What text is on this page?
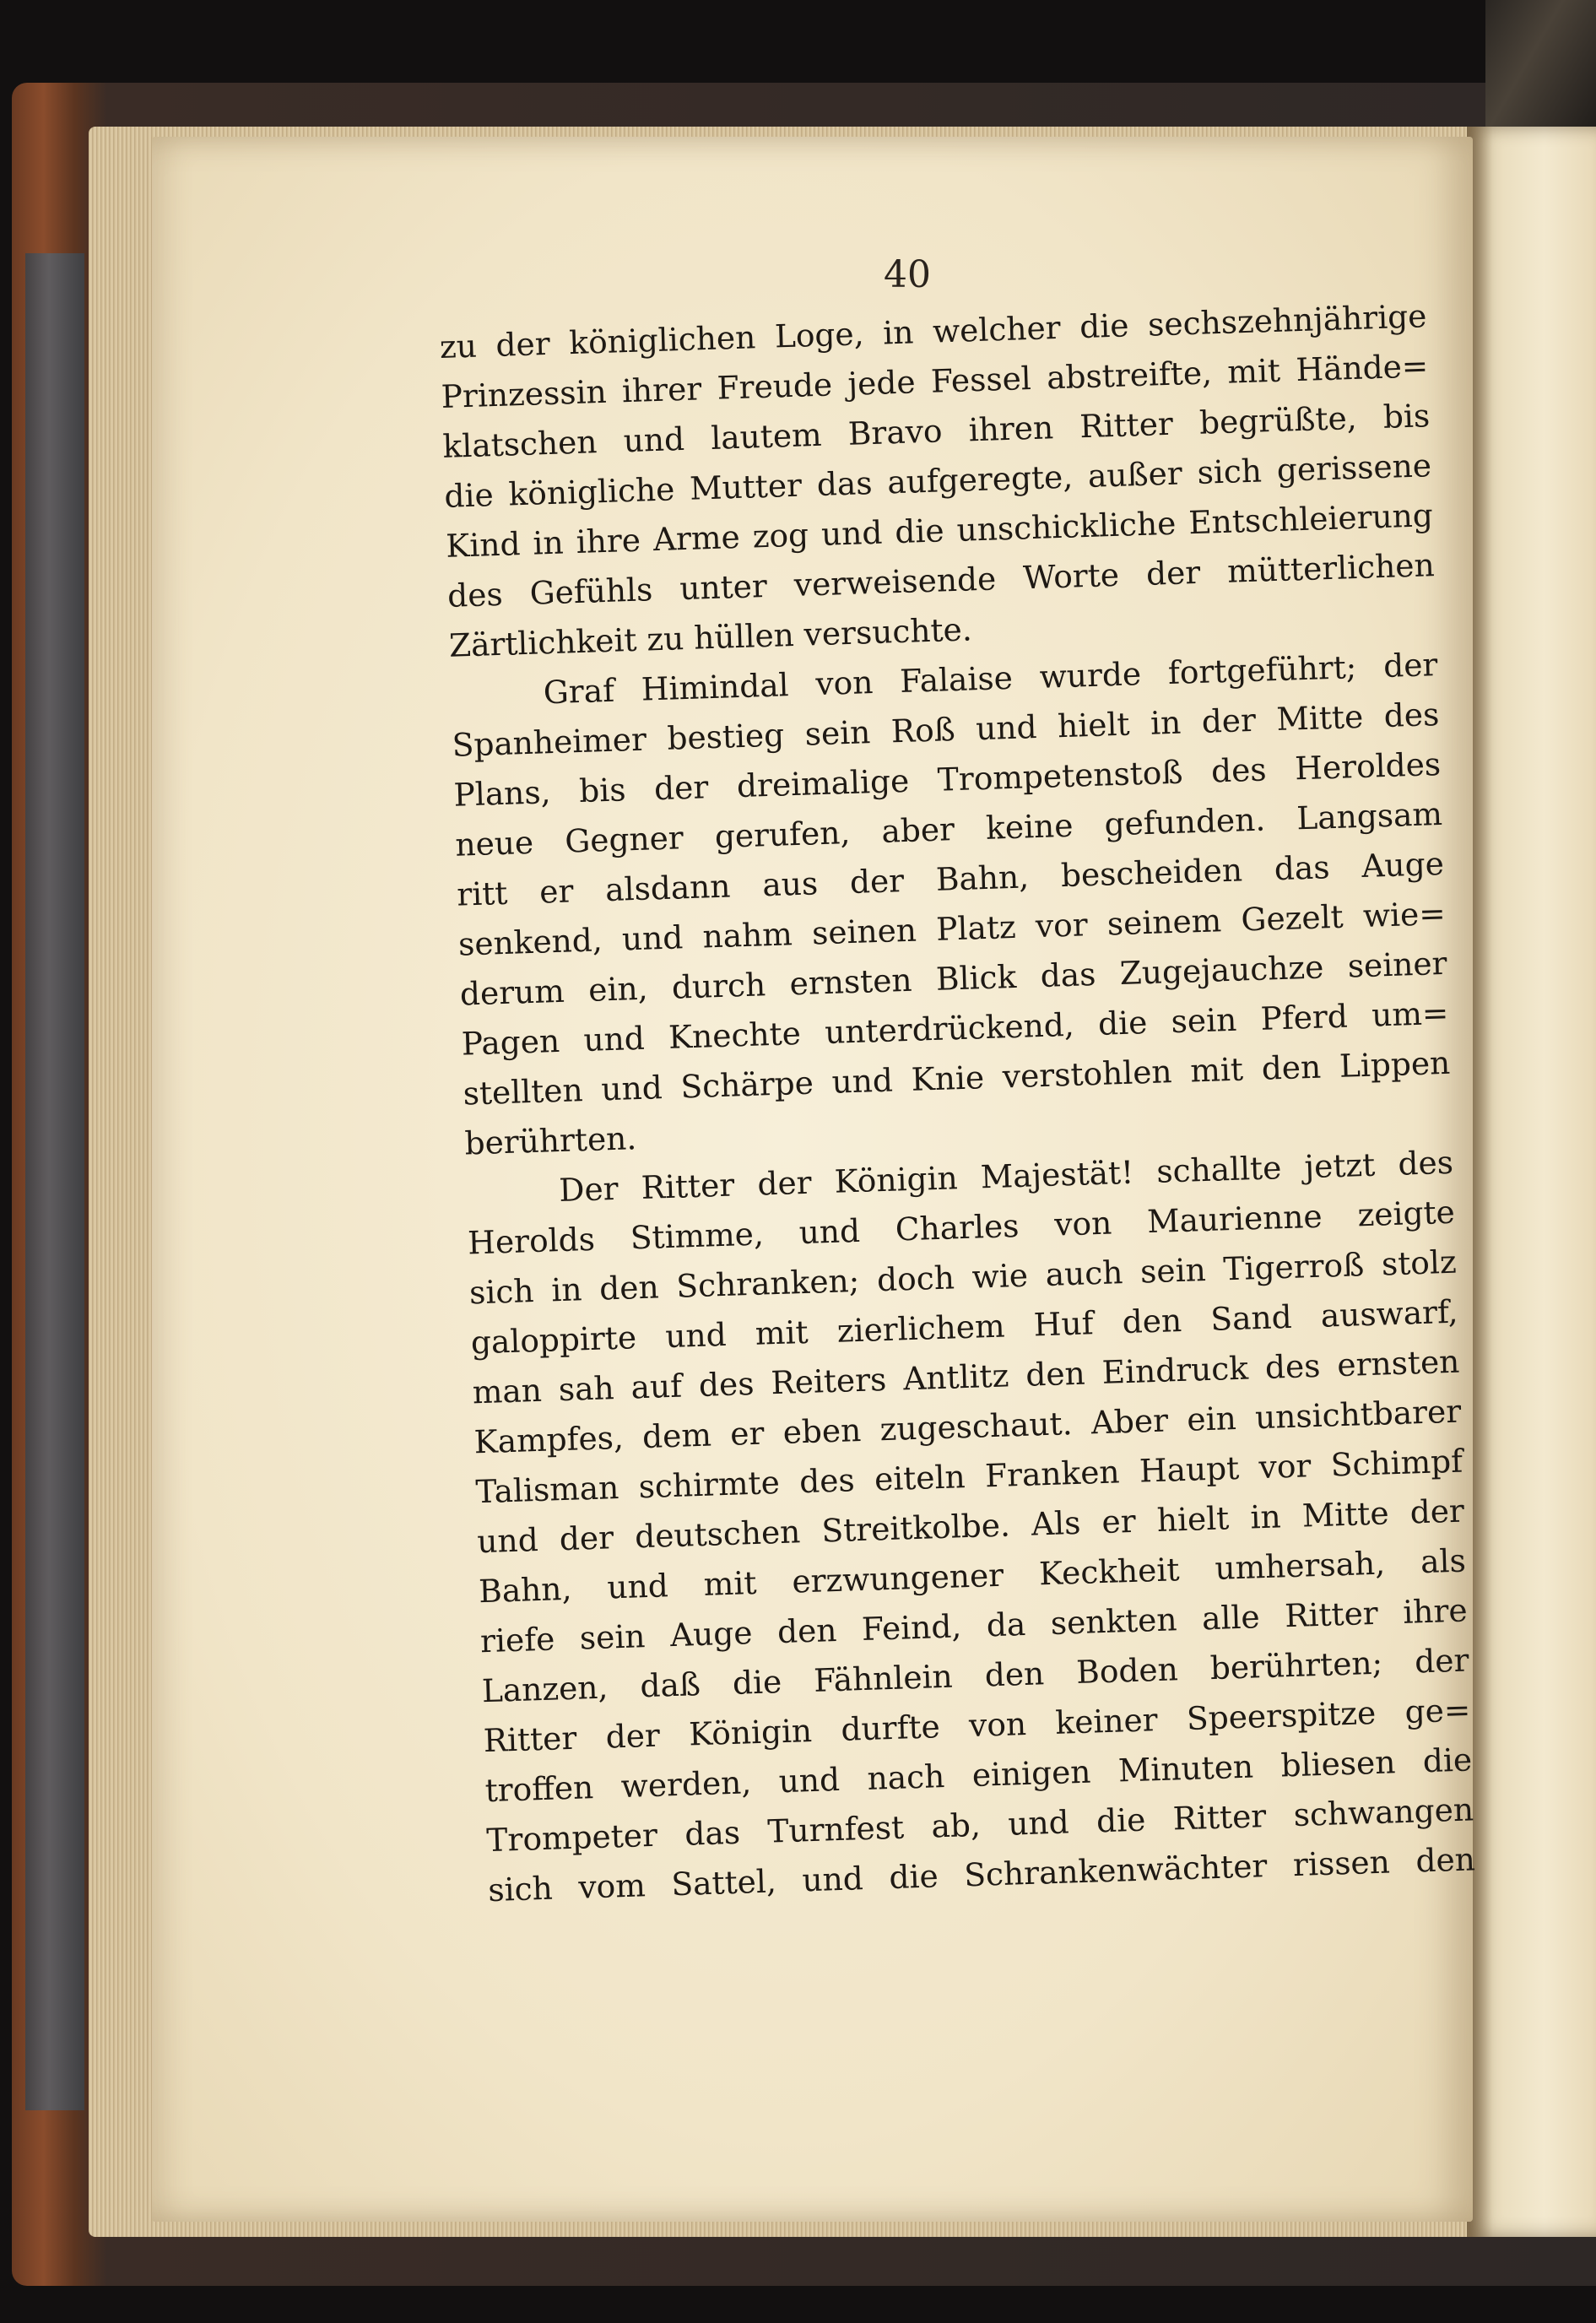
40
zu der königlichen Loge, in welcher die sechszehnjährige
Prinzessin ihrer Freude jede Fessel abstreifte, mit Hände=
klatschen und lautem Bravo ihren Ritter begrüßte, bis
die königliche Mutter das aufgeregte, außer sich gerissene
Kind in ihre Arme zog und die unschickliche Entschleierung
des Gefühls unter verweisende Worte der mütterlichen
Zärtlichkeit zu hüllen versuchte.
Graf Himindal von Falaise wurde fortgeführt; der
Spanheimer bestieg sein Roß und hielt in der Mitte des
Plans, bis der dreimalige Trompetenstoß des Heroldes
neue Gegner gerufen, aber keine gefunden. Langsam
ritt er alsdann aus der Bahn, bescheiden das Auge
senkend, und nahm seinen Platz vor seinem Gezelt wie=
derum ein, durch ernsten Blick das Zugejauchze seiner
Pagen und Knechte unterdrückend, die sein Pferd um=
stellten und Schärpe und Knie verstohlen mit den Lippen
berührten.
Der Ritter der Königin Majestät! schallte jetzt des
Herolds Stimme, und Charles von Maurienne zeigte
sich in den Schranken; doch wie auch sein Tigerroß stolz
galoppirte und mit zierlichem Huf den Sand auswarf,
man sah auf des Reiters Antlitz den Eindruck des ernsten
Kampfes, dem er eben zugeschaut. Aber ein unsichtbarer
Talisman schirmte des eiteln Franken Haupt vor Schimpf
und der deutschen Streitkolbe. Als er hielt in Mitte der
Bahn, und mit erzwungener Keckheit umhersah, als
riefe sein Auge den Feind, da senkten alle Ritter ihre
Lanzen, daß die Fähnlein den Boden berührten; der
Ritter der Königin durfte von keiner Speerspitze ge=
troffen werden, und nach einigen Minuten bliesen die
Trompeter das Turnfest ab, und die Ritter schwangen
sich vom Sattel, und die Schrankenwächter rissen den
